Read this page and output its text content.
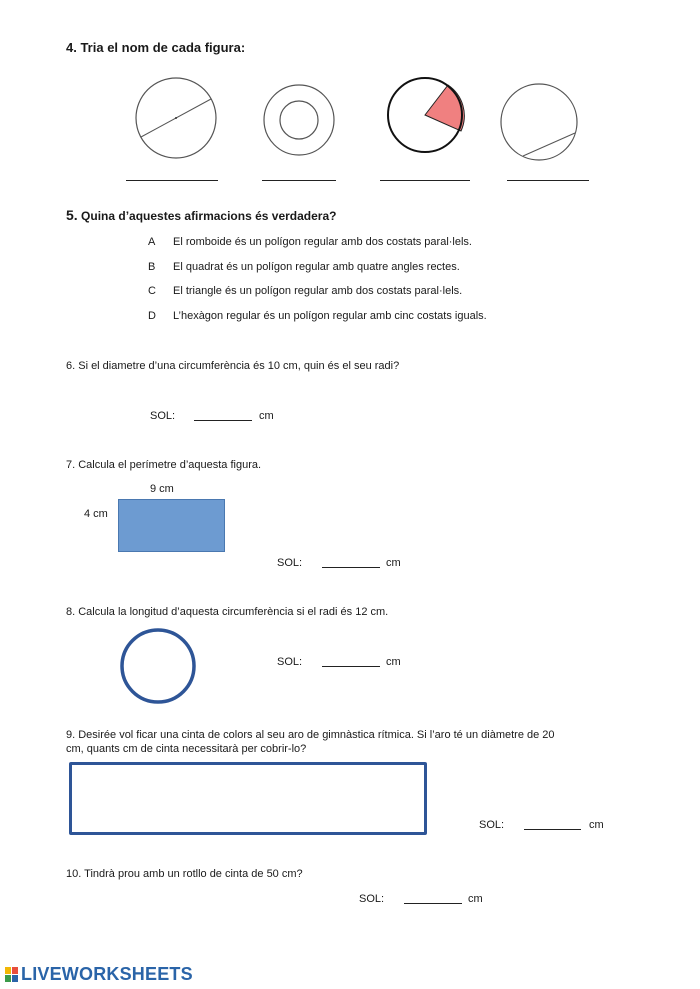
4. Tria el nom de cada figura:
5. Quina d’aquestes afirmacions és verdadera?
A El romboide és un polígon regular amb dos costats paral·lels.
B El quadrat és un polígon regular amb quatre angles rectes.
C El triangle és un polígon regular amb dos costats paral·lels.
D L’hexàgon regular és un polígon regular amb cinc costats iguals.
6. Si el diametre d’una circumferència és 10 cm, quin és el seu radi?
SOL:	cm
7. Calcula el perímetre d’aquesta figura.
9 cm
4 cm
SOL:	cm
8. Calcula la longitud d’aquesta circumferència si el radi és 12 cm.
SOL:	cm
9. Desirée vol ficar una cinta de colors al seu aro de gimnàstica rítmica. Si l’aro té un diàmetre de 20
cm, quants cm de cinta necessitarà per cobrir-lo?
SOL:	cm
10. Tindrà prou amb un rotllo de cinta de 50 cm?
SOL:	cm
LIVEWORKSHEETS
